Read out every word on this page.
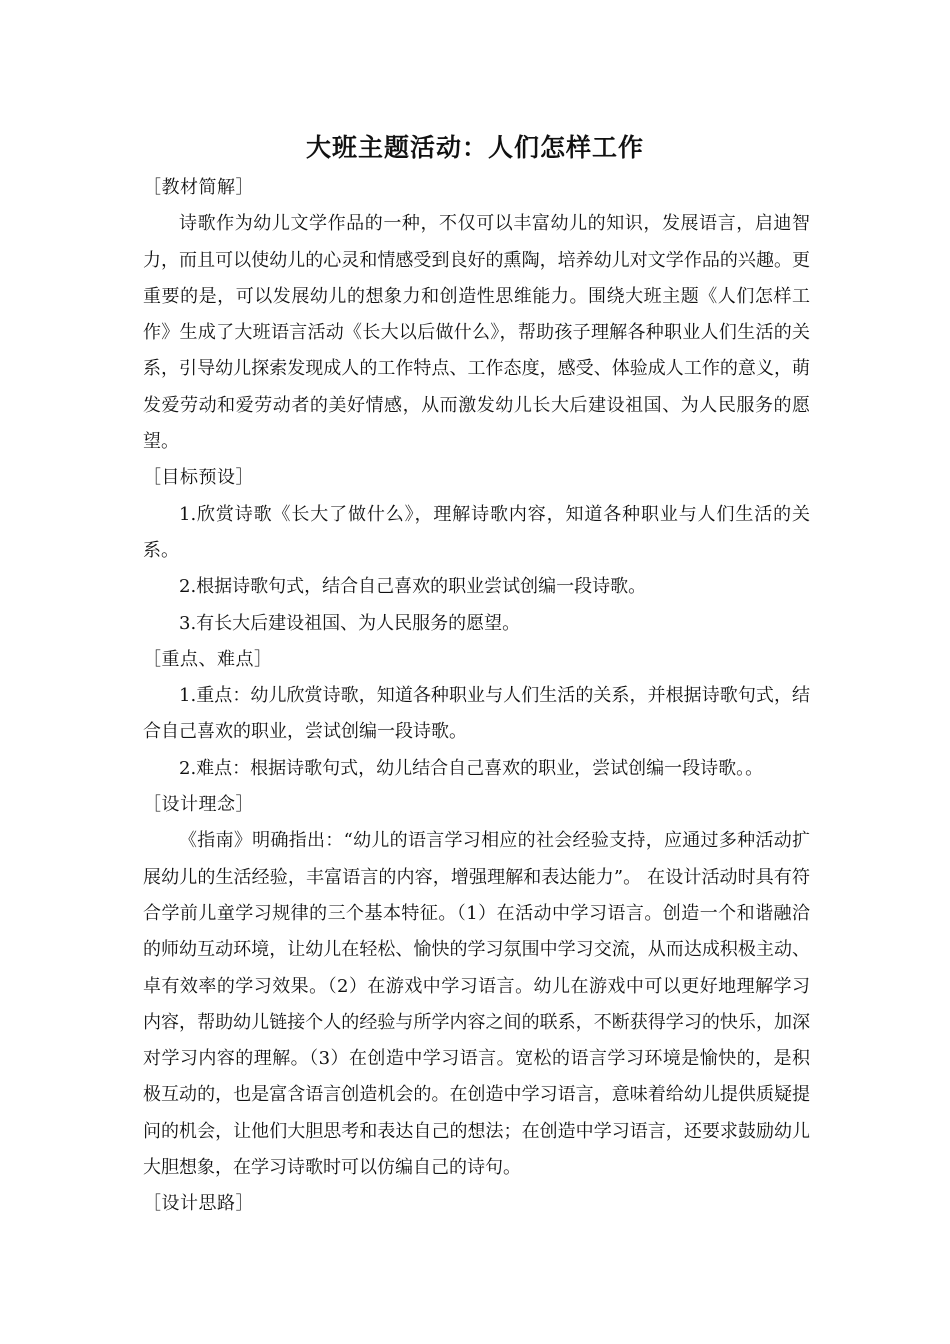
大班主题活动：人们怎样工作

［教材简解］

诗歌作为幼儿文学作品的一种，不仅可以丰富幼儿的知识，发展语言，启迪智力，而且可以使幼儿的心灵和情感受到良好的熏陶，培养幼儿对文学作品的兴趣。更重要的是，可以发展幼儿的想象力和创造性思维能力。围绕大班主题《人们怎样工作》生成了大班语言活动《长大以后做什么》，帮助孩子理解各种职业人们生活的关系，引导幼儿探索发现成人的工作特点、工作态度，感受、体验成人工作的意义，萌发爱劳动和爱劳动者的美好情感，从而激发幼儿长大后建设祖国、为人民服务的愿望。

［目标预设］

1.欣赏诗歌《长大了做什么》，理解诗歌内容，知道各种职业与人们生活的关系。

2.根据诗歌句式，结合自己喜欢的职业尝试创编一段诗歌。

3.有长大后建设祖国、为人民服务的愿望。

［重点、难点］

1.重点：幼儿欣赏诗歌，知道各种职业与人们生活的关系，并根据诗歌句式，结合自己喜欢的职业，尝试创编一段诗歌。

2.难点：根据诗歌句式，幼儿结合自己喜欢的职业，尝试创编一段诗歌。。

［设计理念］

《指南》明确指出：“幼儿的语言学习相应的社会经验支持，应通过多种活动扩展幼儿的生活经验，丰富语言的内容，增强理解和表达能力”。 在设计活动时具有符合学前儿童学习规律的三个基本特征。（1）在活动中学习语言。创造一个和谐融洽的师幼互动环境，让幼儿在轻松、愉快的学习氛围中学习交流，从而达成积极主动、卓有效率的学习效果。（2）在游戏中学习语言。幼儿在游戏中可以更好地理解学习内容，帮助幼儿链接个人的经验与所学内容之间的联系，不断获得学习的快乐，加深对学习内容的理解。（3）在创造中学习语言。宽松的语言学习环境是愉快的，是积极互动的，也是富含语言创造机会的。在创造中学习语言，意味着给幼儿提供质疑提问的机会，让他们大胆思考和表达自己的想法；在创造中学习语言，还要求鼓励幼儿大胆想象，在学习诗歌时可以仿编自己的诗句。

［设计思路］
